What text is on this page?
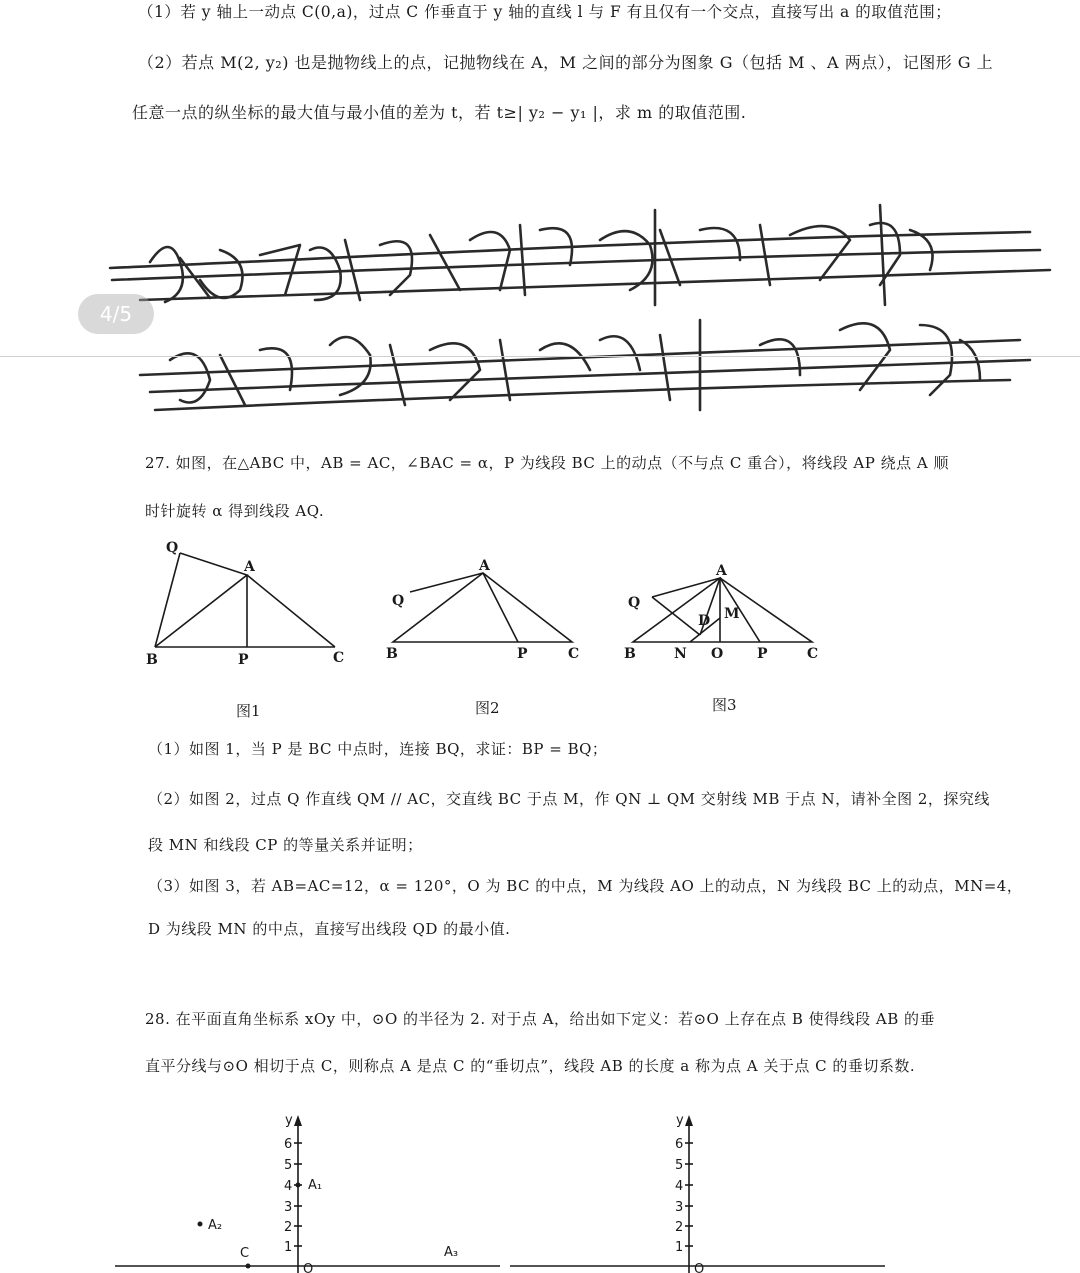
（1）若 y 轴上一动点 C(0,a)，过点 C 作垂直于 y 轴的直线 l 与 F 有且仅有一个交点，直接写出 a 的取值范围；
（2）若点 M(2, y₂) 也是抛物线上的点，记抛物线在 A，M 之间的部分为图象 G（包括 M 、A 两点），记图形 G 上
任意一点的纵坐标的最大值与最小值的差为 t，若 t≥| y₂ − y₁ |，求 m 的取值范围.
4/5
27. 如图，在△ABC 中，AB = AC，∠BAC = α，P 为线段 BC 上的动点（不与点 C 重合），将线段 AP 绕点 A 顺
时针旋转 α 得到线段 AQ.
Q
A
B	P	C
A
Q
B	P	C
A
Q
D M
B	N O P	C
图1	图2	图3
（1）如图 1，当 P 是 BC 中点时，连接 BQ，求证：BP = BQ；
（2）如图 2，过点 Q 作直线 QM // AC，交直线 BC 于点 M，作 QN ⊥ QM 交射线 MB 于点 N，请补全图 2，探究线
段 MN 和线段 CP 的等量关系并证明；
（3）如图 3，若 AB=AC=12，α = 120°，O 为 BC 的中点，M 为线段 AO 上的动点，N 为线段 BC 上的动点，MN=4，
D 为线段 MN 的中点，直接写出线段 QD 的最小值.
28. 在平面直角坐标系 xOy 中，⊙O 的半径为 2. 对于点 A，给出如下定义：若⊙O 上存在点 B 使得线段 AB 的垂
直平分线与⊙O 相切于点 C，则称点 A 是点 C 的“垂切点”，线段 AB 的长度 a 称为点 A 关于点 C 的垂切系数.
y
6
5
4
3
2
1
A₁
A₂
C	A₃
O
y
6
5
4
3
2
1
O
